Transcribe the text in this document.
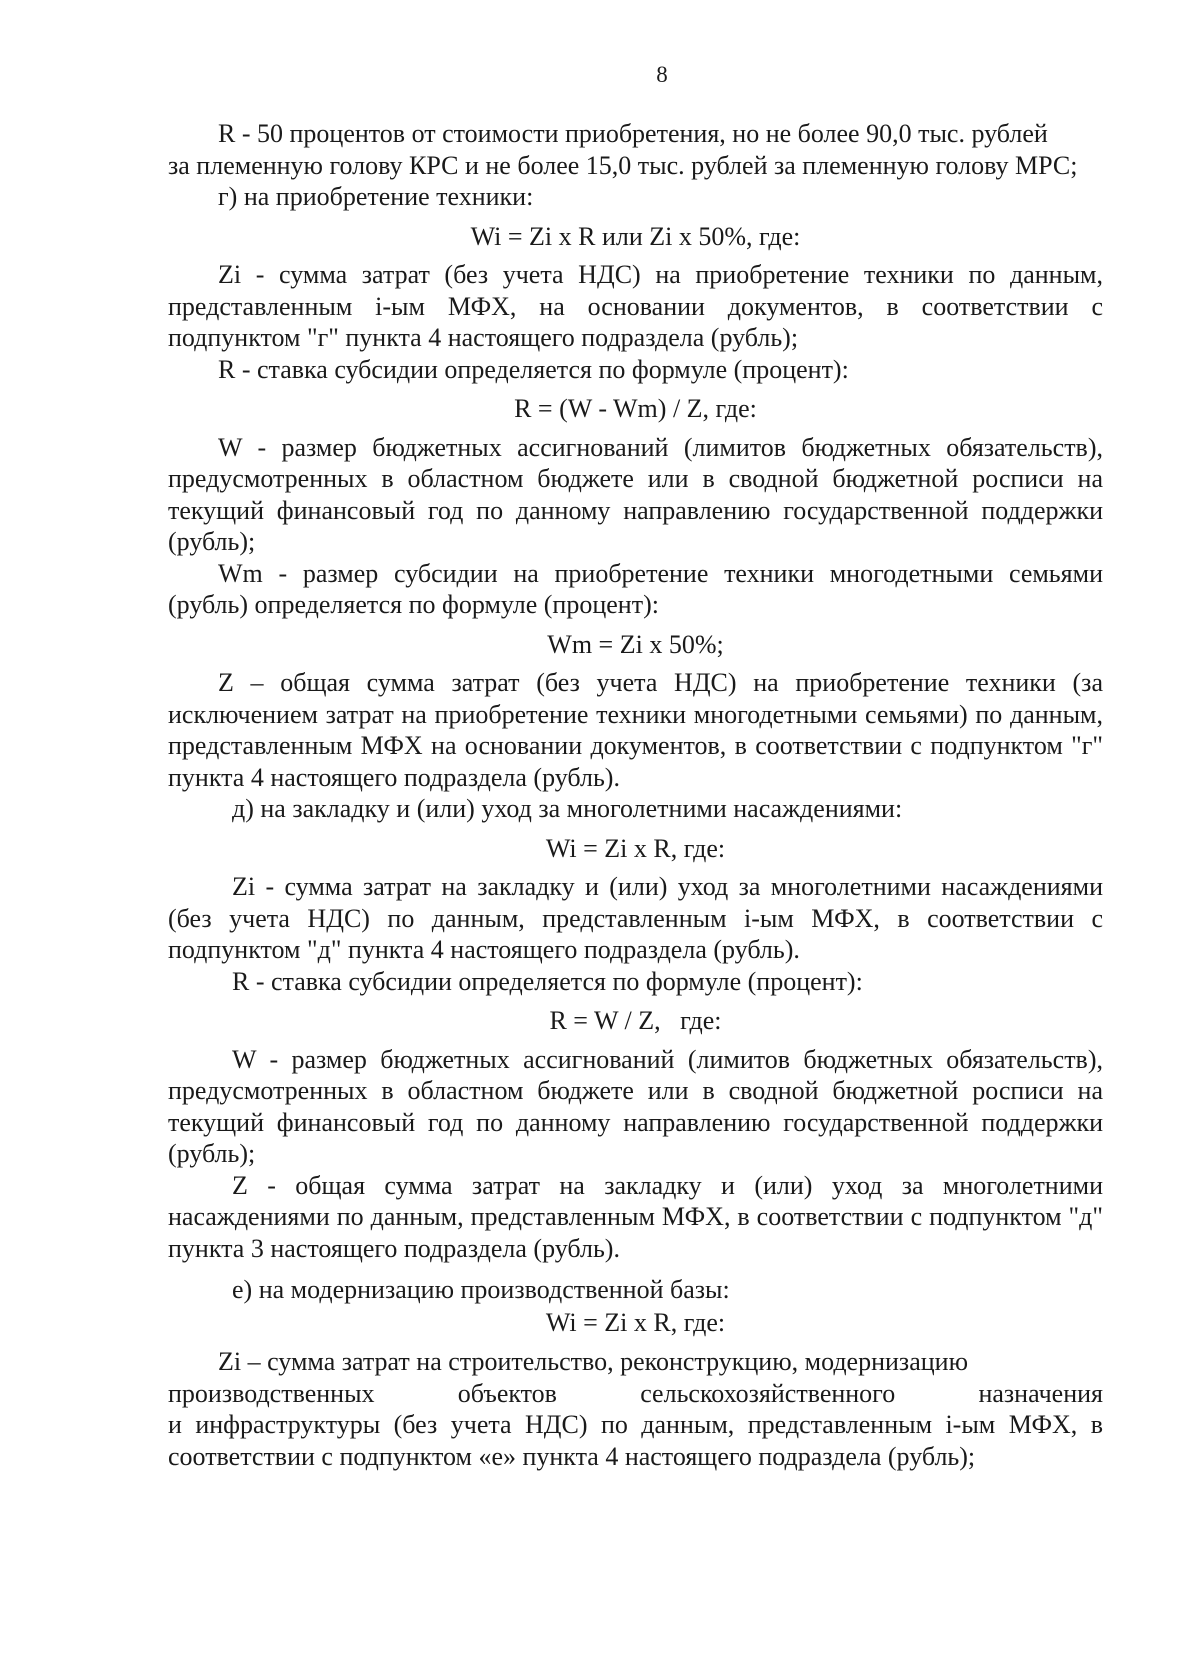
8

R - 50 процентов от стоимости приобретения, но не более 90,0 тыс. рублей

за племенную голову КРС и не более 15,0 тыс. рублей за племенную голову МРС;

г) на приобретение техники:

Wi = Zi x R или Zi x 50%, где:

Zi - сумма затрат (без учета НДС) на приобретение техники по данным, представленным i-ым МФХ, на основании документов, в соответствии с подпунктом "г" пункта 4 настоящего подраздела (рубль);

R - ставка субсидии определяется по формуле (процент):

R = (W - Wm) / Z, где:

W - размер бюджетных ассигнований (лимитов бюджетных обязательств), предусмотренных в областном бюджете или в сводной бюджетной росписи на текущий финансовый год по данному направлению государственной поддержки (рубль);

Wm - размер субсидии на приобретение техники многодетными семьями (рубль) определяется по формуле (процент):

Wm = Zi x 50%;

Z – общая сумма затрат (без учета НДС) на приобретение техники (за исключением затрат на приобретение техники многодетными семьями) по данным, представленным МФХ на основании документов, в соответствии с подпунктом "г" пункта 4 настоящего подраздела (рубль).

д) на закладку и (или) уход за многолетними насаждениями:

Wi = Zi x R, где:

Zi - сумма затрат на закладку и (или) уход за многолетними насаждениями (без учета НДС) по данным, представленным i-ым МФХ, в соответствии с подпунктом "д" пункта 4 настоящего подраздела (рубль).

R - ставка субсидии определяется по формуле (процент):

R = W / Z,   где:

W - размер бюджетных ассигнований (лимитов бюджетных обязательств), предусмотренных в областном бюджете или в сводной бюджетной росписи на текущий финансовый год по данному направлению государственной поддержки (рубль);

Z - общая сумма затрат на закладку и (или) уход за многолетними насаждениями по данным, представленным МФХ, в соответствии с подпунктом "д" пункта 3 настоящего подраздела (рубль).

е) на модернизацию производственной базы:

Wi = Zi x R, где:

Zi – сумма затрат на строительство, реконструкцию, модернизацию

производственных	объектов	сельскохозяйственного	назначения

и инфраструктуры (без учета НДС) по данным, представленным i-ым МФХ, в соответствии с подпунктом «е» пункта 4 настоящего подраздела (рубль);
